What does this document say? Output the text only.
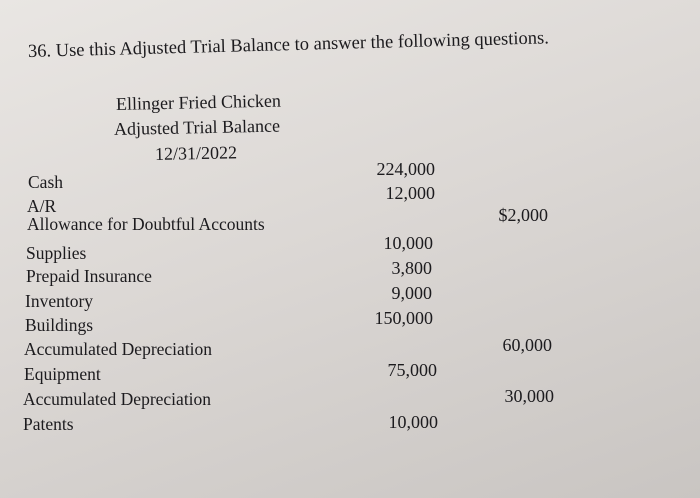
36. Use this Adjusted Trial Balance to answer the following questions.
Ellinger Fried Chicken
Adjusted Trial Balance
12/31/2022
Cash
A/R
Allowance for Doubtful Accounts
Supplies
Prepaid Insurance
Inventory
Buildings
Accumulated Depreciation
Equipment
Accumulated Depreciation
Patents
224,000
12,000
10,000
3,800
9,000
150,000
75,000
10,000
$2,000
60,000
30,000
